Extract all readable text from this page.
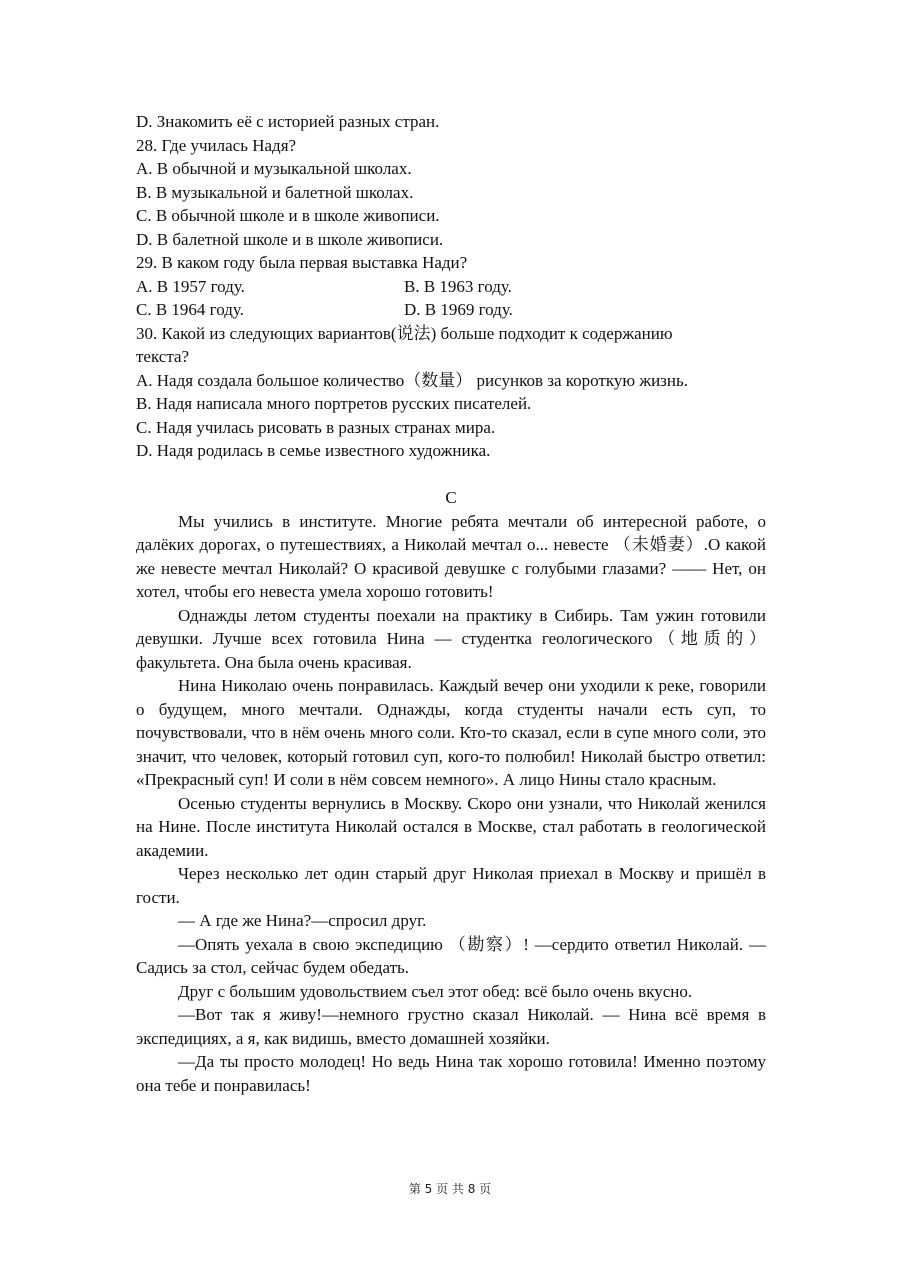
D. Знакомить её с историей разных стран.
28. Где училась Надя?
A. В обычной и музыкальной школах.
B. В музыкальной и балетной школах.
C. В обычной школе и в школе живописи.
D. В балетной школе и в школе живописи.
29. В каком году была первая выставка Нади?
A. В 1957 году.	B. В 1963 году.
C. В 1964 году.	D. В 1969 году.
30. Какой из следующих вариантов(说法) больше подходит к содержанию
текста?
A. Надя создала большое количество（数量） рисунков за короткую жизнь.
B. Надя написала много портретов русских писателей.
C. Надя училась рисовать в разных странах мира.
D. Надя родилась в семье известного художника.
C

Мы учились в институте. Многие ребята мечтали об интересной работе, о далёких дорогах, о путешествиях, а Николай мечтал о... невесте （未婚妻）.О какой же невесте мечтал Николай? О красивой девушке с голубыми глазами? —— Нет, он хотел, чтобы его невеста умела хорошо готовить!

Однажды летом студенты поехали на практику в Сибирь. Там ужин готовили девушки. Лучше всех готовила Нина — студентка геологического（地质的）факультета. Она была очень красивая.

Нина Николаю очень понравилась. Каждый вечер они уходили к реке, говорили о будущем, много мечтали. Однажды, когда студенты начали есть суп, то почувствовали, что в нём очень много соли. Кто-то сказал, если в супе много соли, это значит, что человек, который готовил суп, кого-то полюбил! Николай быстро ответил: «Прекрасный суп! И соли в нём совсем немного». А лицо Нины стало красным.

Осенью студенты вернулись в Москву. Скоро они узнали, что Николай женился на Нине. После института Николай остался в Москве, стал работать в геологической академии.

Через несколько лет один старый друг Николая приехал в Москву и пришёл в гости.

— А где же Нина?—спросил друг.

—Опять уехала в свою экспедицию （勘察）! —сердито ответил Николай. — Садись за стол, сейчас будем обедать.

Друг с большим удовольствием съел этот обед: всё было очень вкусно.

—Вот так я живу!—немного грустно сказал Николай. — Нина всё время в экспедициях, а я, как видишь, вместо домашней хозяйки.

—Да ты просто молодец! Но ведь Нина так хорошо готовила! Именно поэтому она тебе и понравилась!

第 5 页 共 8 页
